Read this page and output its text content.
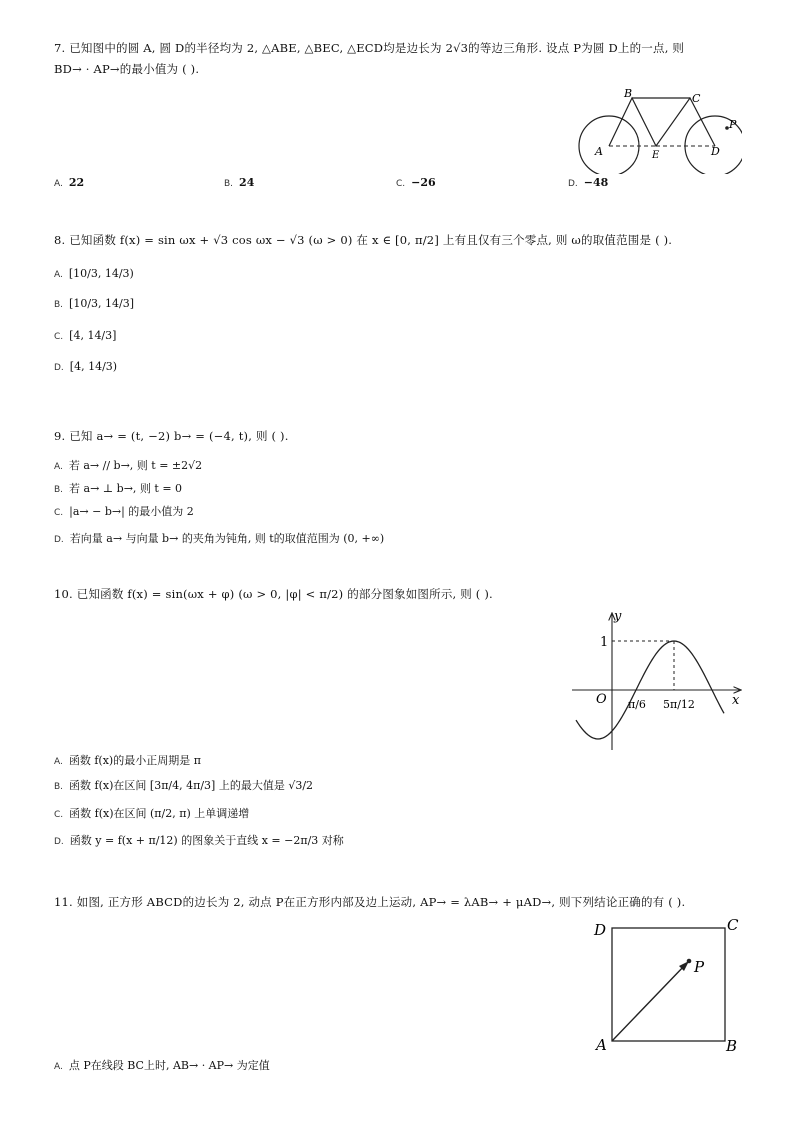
7. 已知图中的圆 A, 圆 D的半径均为 2, △ABE, △BEC, △ECD均是边长为 2√3的等边三角形. 设点 P为圆 D上的一点, 则
BD→ · AP→的最小值为 ( ).
A
B	C
D
E
P
A. 22	B. 24	C. −26	D. −48
8. 已知函数 f(x) = sin ωx + √3 cos ωx − √3 (ω > 0) 在 x ∈ [0, π/2] 上有且仅有三个零点, 则 ω的取值范围是 ( ).
A. [10/3, 14/3)
B. [10/3, 14/3]
C. [4, 14/3]
D. [4, 14/3)
9. 已知 a→ = (t, −2) b→ = (−4, t), 则 ( ).
A. 若 a→ // b→, 则 t = ±2√2
B. 若 a→ ⊥ b→, 则 t = 0
C. |a→ − b→| 的最小值为 2
D. 若向量 a→ 与向量 b→ 的夹角为钝角, 则 t的取值范围为 (0, +∞)
10. 已知函数 f(x) = sin(ωx + φ) (ω > 0, |φ| < π/2) 的部分图象如图所示, 则 ( ).
y
x
O
1
π/6 5π/12
A. 函数 f(x)的最小正周期是 π
B. 函数 f(x)在区间 [3π/4, 4π/3] 上的最大值是 √3/2
C. 函数 f(x)在区间 (π/2, π) 上单调递增
D. 函数 y = f(x + π/12) 的图象关于直线 x = −2π/3 对称
11. 如图, 正方形 ABCD的边长为 2, 动点 P在正方形内部及边上运动, AP→ = λAB→ + μAD→, 则下列结论正确的有 ( ).
D	C
A	B
P
A. 点 P在线段 BC上时, AB→ · AP→ 为定值
